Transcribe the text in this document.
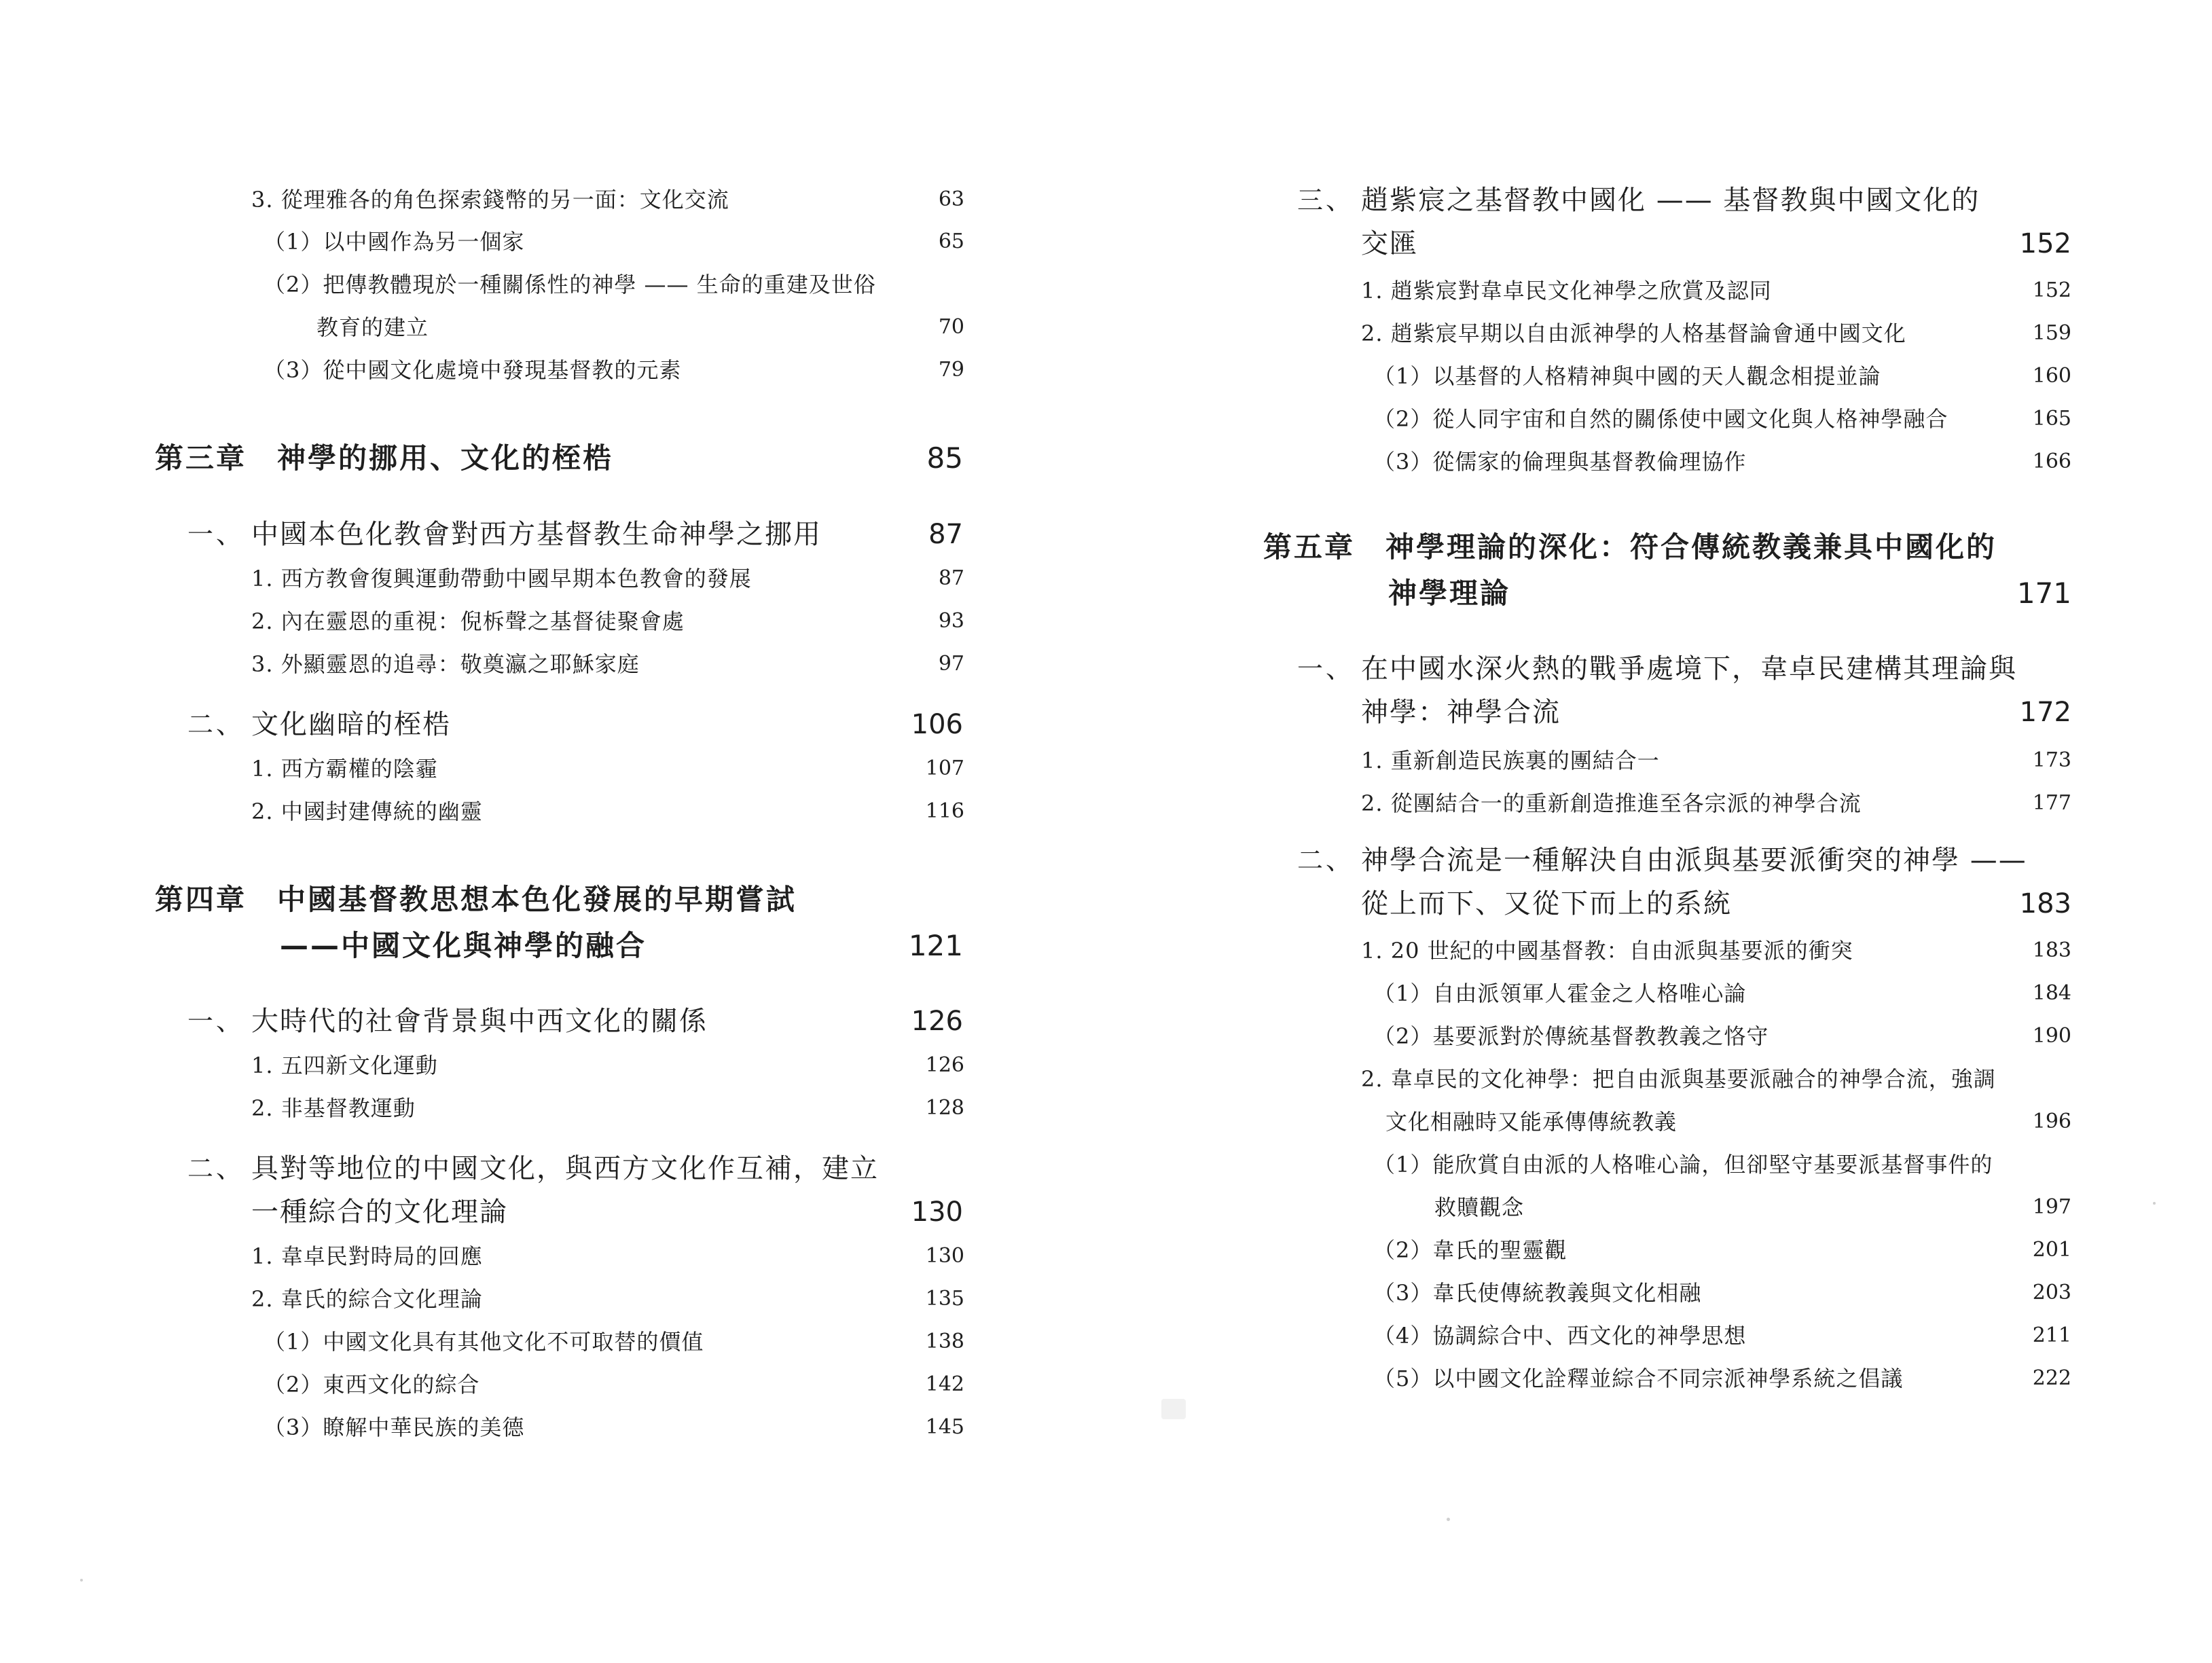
3. 從理雅各的角色探索錢幣的另一面：文化交流	63
（1）以中國作為另一個家	65
（2）把傳教體現於一種關係性的神學 —— 生命的重建及世俗
教育的建立	70
（3）從中國文化處境中發現基督教的元素	79
第三章　神學的挪用、文化的桎梏	85
一、 中國本色化教會對西方基督教生命神學之挪用	87
1. 西方教會復興運動帶動中國早期本色教會的發展	87
2. 內在靈恩的重視：倪柝聲之基督徒聚會處	93
3. 外顯靈恩的追尋：敬奠瀛之耶穌家庭	97
二、 文化幽暗的桎梏	106
1. 西方霸權的陰霾	107
2. 中國封建傳統的幽靈	116
第四章　中國基督教思想本色化發展的早期嘗試
——中國文化與神學的融合	121
一、 大時代的社會背景與中西文化的關係	126
1. 五四新文化運動	126
2. 非基督教運動	128
二、 具對等地位的中國文化，與西方文化作互補，建立
一種綜合的文化理論	130
1. 韋卓民對時局的回應	130
2. 韋氏的綜合文化理論	135
（1）中國文化具有其他文化不可取替的價值	138
（2）東西文化的綜合	142
（3）瞭解中華民族的美德	145
三、 趙紫宸之基督教中國化 —— 基督教與中國文化的
交匯	152
1. 趙紫宸對韋卓民文化神學之欣賞及認同	152
2. 趙紫宸早期以自由派神學的人格基督論會通中國文化	159
（1）以基督的人格精神與中國的天人觀念相提並論	160
（2）從人同宇宙和自然的關係使中國文化與人格神學融合	165
（3）從儒家的倫理與基督教倫理協作	166
第五章　神學理論的深化：符合傳統教義兼具中國化的
神學理論	171
一、 在中國水深火熱的戰爭處境下，韋卓民建構其理論與
神學：神學合流	172
1. 重新創造民族裏的團結合一	173
2. 從團結合一的重新創造推進至各宗派的神學合流	177
二、 神學合流是一種解決自由派與基要派衝突的神學 ——
從上而下、又從下而上的系統	183
1. 20 世紀的中國基督教：自由派與基要派的衝突	183
（1）自由派領軍人霍金之人格唯心論	184
（2）基要派對於傳統基督教教義之恪守	190
2. 韋卓民的文化神學：把自由派與基要派融合的神學合流，強調
文化相融時又能承傳傳統教義	196
（1）能欣賞自由派的人格唯心論，但卻堅守基要派基督事件的
救贖觀念	197
（2）韋氏的聖靈觀	201
（3）韋氏使傳統教義與文化相融	203
（4）協調綜合中、西文化的神學思想	211
（5）以中國文化詮釋並綜合不同宗派神學系統之倡議	222
